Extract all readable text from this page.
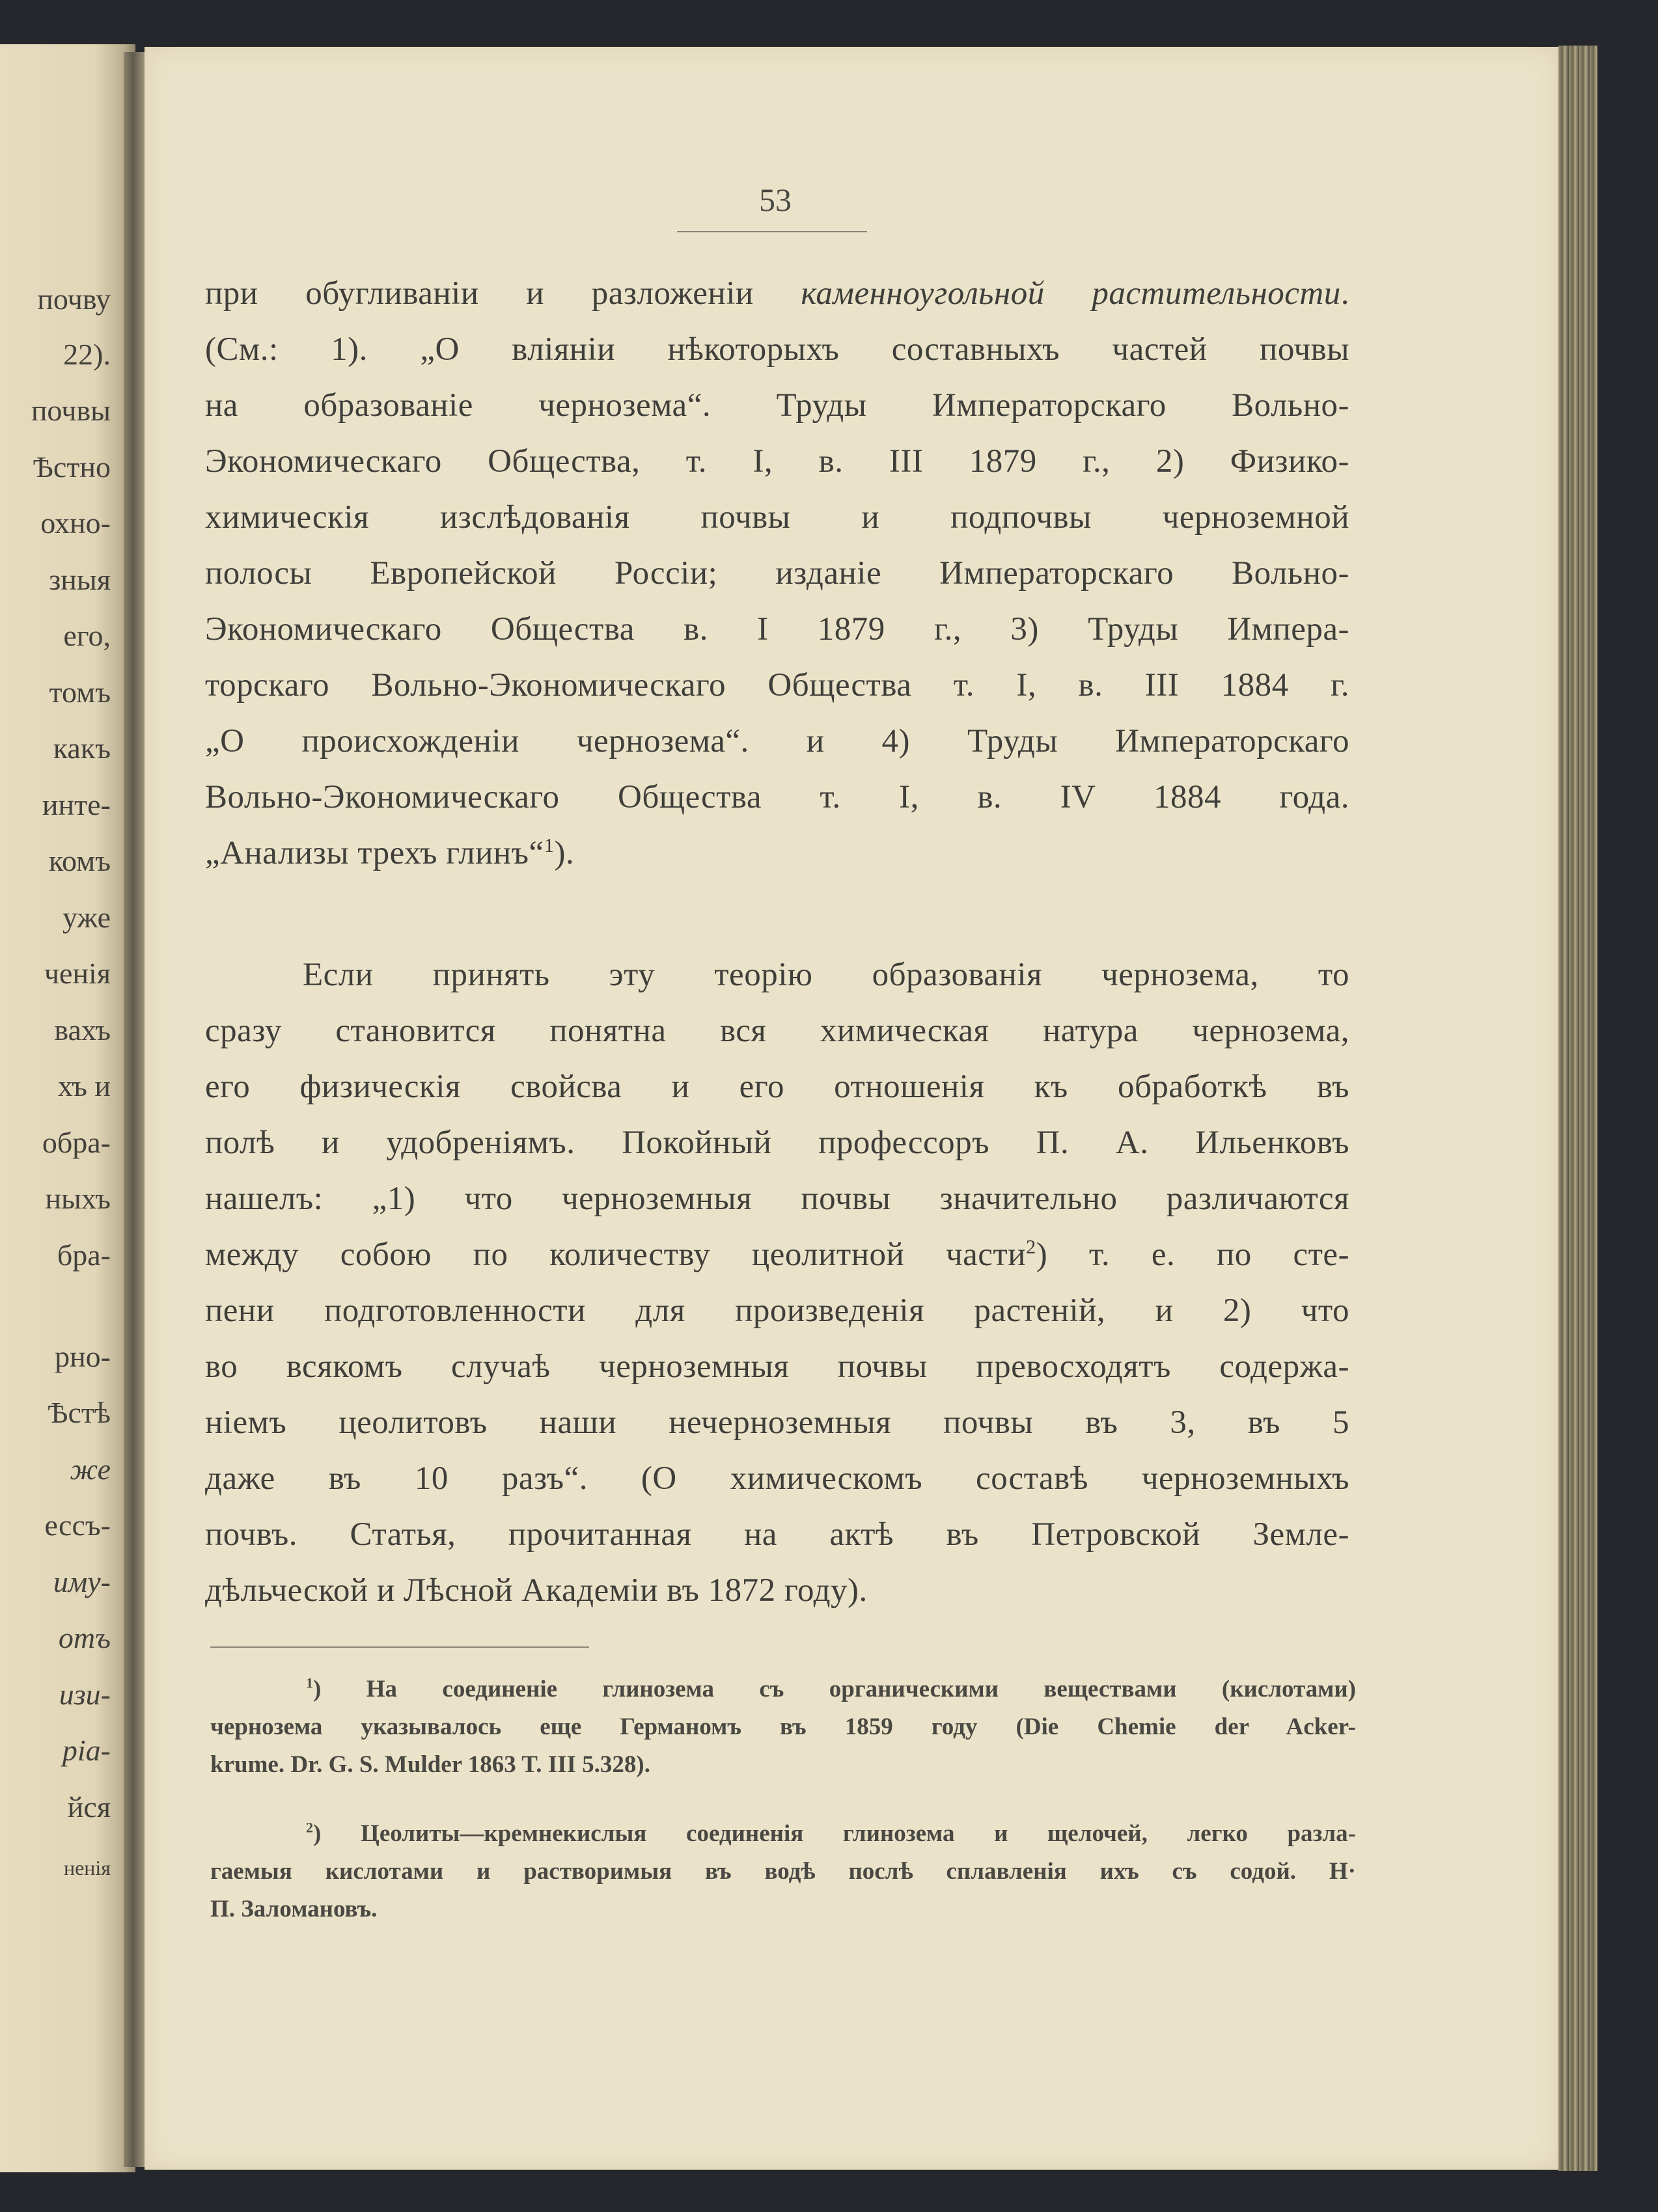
почву
22).
почвы
Ѣстно
охно-
зныя
его,
томъ
какъ
инте-
комъ
уже
ченія
вахъ
хъ и
обра-
ныхъ
бра-
рно-
Ѣстѣ
же
ессъ-
иму-
отъ
изи-
ріа-
йся
ненія
53
при обугливаніи и разложеніи каменноугольной растительности.
(См.: 1). „О вліяніи нѣкоторыхъ составныхъ частей почвы
на образованіе чернозема“. Труды Императорскаго Вольно-
Экономическаго Общества, т. I, в. III 1879 г., 2) Физико-
химическія изслѣдованія почвы и подпочвы черноземной
полосы Европейской Россіи; изданіе Императорскаго Вольно-
Экономическаго Общества в. I 1879 г., 3) Труды Импера-
торскаго Вольно-Экономическаго Общества т. I, в. III 1884 г.
„О происхожденіи чернозема“. и 4) Труды Императорскаго
Вольно-Экономическаго Общества т. I, в. IV 1884 года.
„Анализы трехъ глинъ“$^1$).
Если принять эту теорію образованія чернозема, то
сразу становится понятна вся химическая натура чернозема,
его физическія свойсва и его отношенія къ обработкѣ въ
полѣ и удобреніямъ. Покойный профессоръ П. А. Ильенковъ
нашелъ: „1) что черноземныя почвы значительно различаются
между собою по количеству цеолитной части$^2$) т. е. по сте-
пени подготовленности для произведенія растеній, и 2) что
во всякомъ случаѣ черноземныя почвы превосходятъ содержа-
ніемъ цеолитовъ наши нечерноземныя почвы въ 3, въ 5
даже въ 10 разъ“. (О химическомъ составѣ черноземныхъ
почвъ. Статья, прочитанная на актѣ въ Петровской Земле-
дѣльческой и Лѣсной Академіи въ 1872 году).
$^1$) На соединеніе глинозема съ органическими веществами (кислотами)
чернозема указывалось еще Германомъ въ 1859 году (Die Chemie der Acker-
krume. Dr. G. S. Mulder 1863 T. III 5.328).
$^2$) Цеолиты—кремнекислыя соединенія глинозема и щелочей, легко разла-
гаемыя кислотами и растворимыя въ водѣ послѣ сплавленія ихъ съ содой. Н·
П. Заломановъ.
